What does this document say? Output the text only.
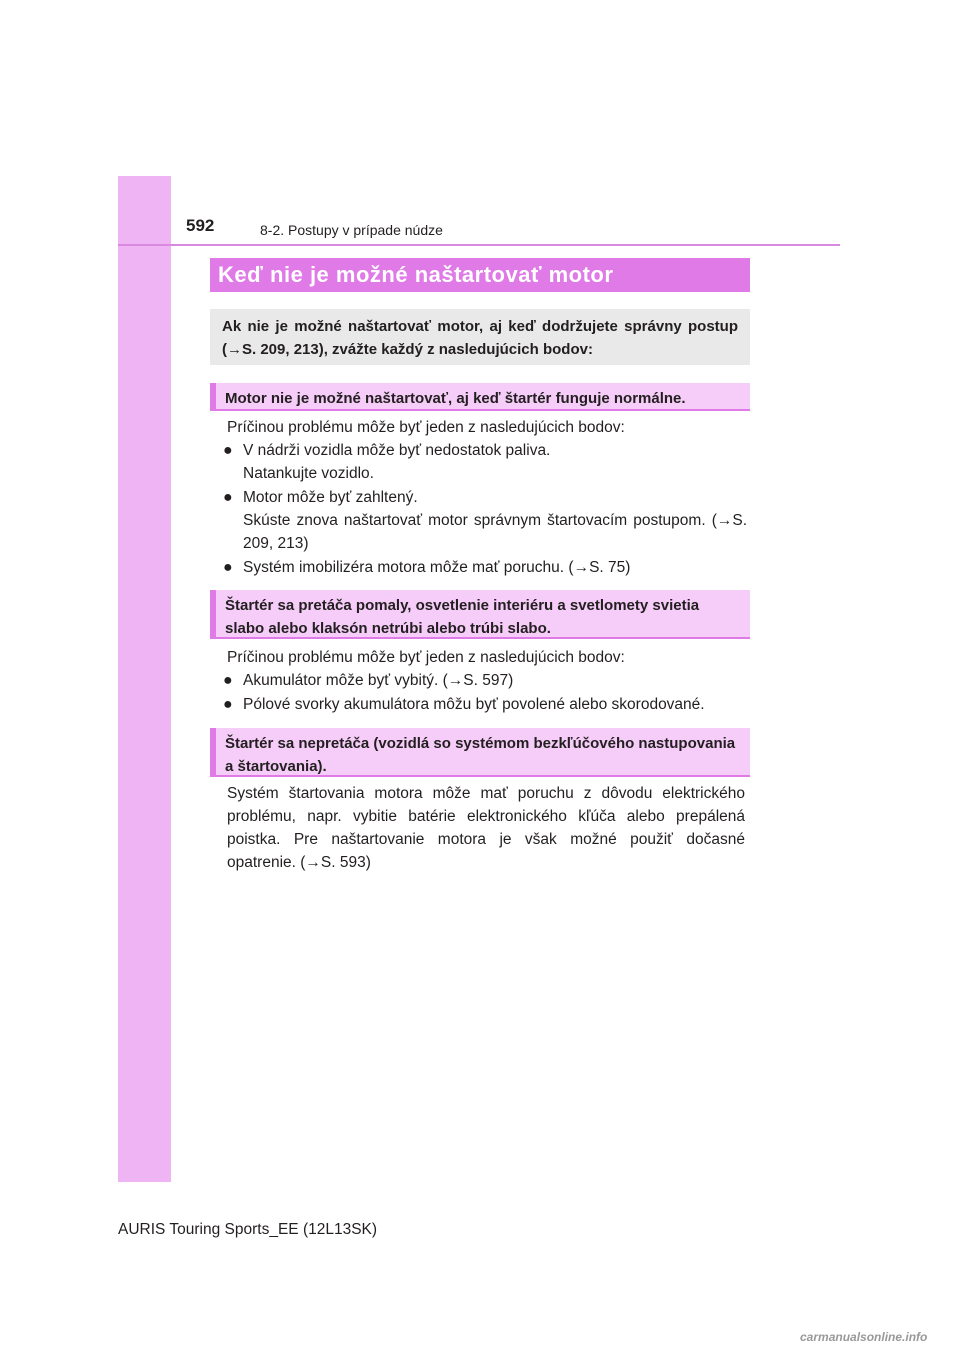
592	8-2. Postupy v prípade núdze
Keď nie je možné naštartovať motor
Ak nie je možné naštartovať motor, aj keď dodržujete správny postup (→S. 209, 213), zvážte každý z nasledujúcich bodov:
Motor nie je možné naštartovať, aj keď štartér funguje normálne.
Príčinou problému môže byť jeden z nasledujúcich bodov:
● V nádrži vozidla môže byť nedostatok paliva.
Natankujte vozidlo.
● Motor môže byť zahltený.
Skúste znova naštartovať motor správnym štartovacím postupom. (→S. 209, 213)
● Systém imobilizéra motora môže mať poruchu. (→S. 75)
Štartér sa pretáča pomaly, osvetlenie interiéru a svetlomety svietia slabo alebo klaksón netrúbi alebo trúbi slabo.
Príčinou problému môže byť jeden z nasledujúcich bodov:
● Akumulátor môže byť vybitý. (→S. 597)
● Pólové svorky akumulátora môžu byť povolené alebo skorodované.
Štartér sa nepretáča (vozidlá so systémom bezkľúčového nastupovania a štartovania).
Systém štartovania motora môže mať poruchu z dôvodu elektrického problému, napr. vybitie batérie elektronického kľúča alebo prepálená poistka. Pre naštartovanie motora je však možné použiť dočasné opatrenie. (→S. 593)
AURIS Touring Sports_EE (12L13SK)
carmanualsonline.info
